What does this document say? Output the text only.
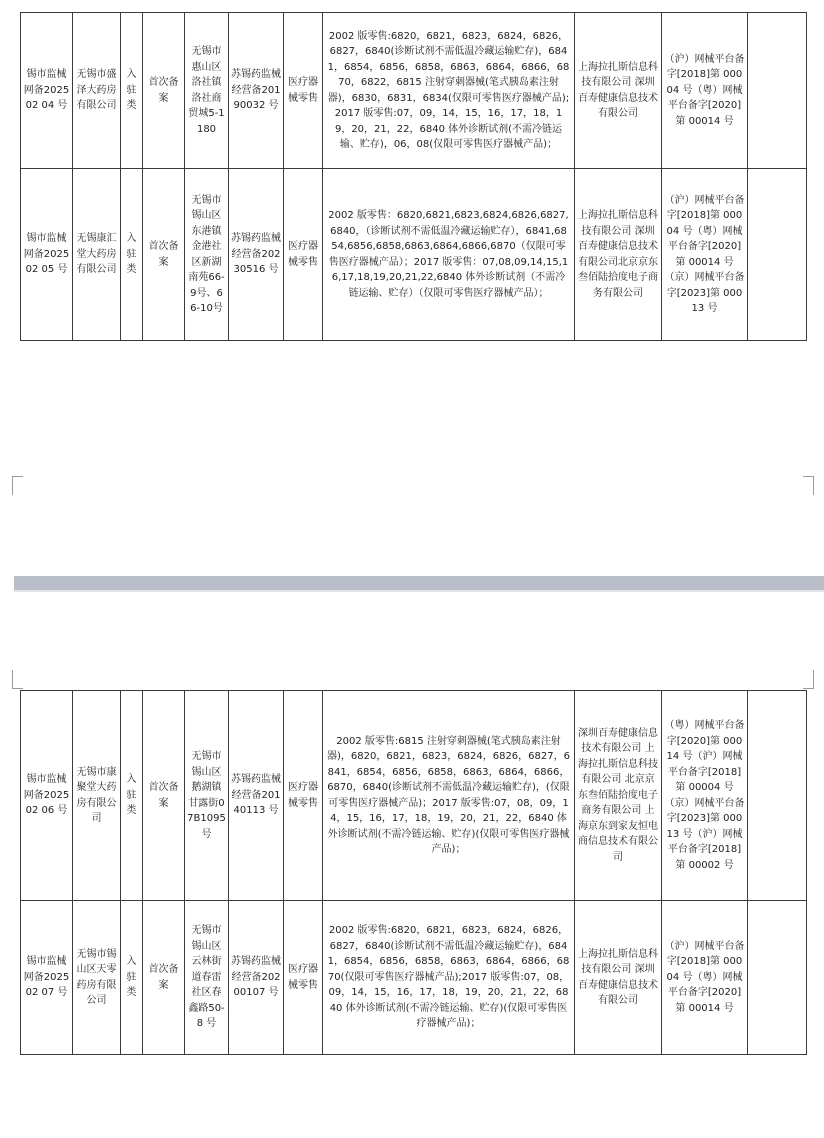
锡市监械网备202502 04 号	无锡市盛泽大药房有限公司	入驻类	首次备案	无锡市惠山区洛社镇洛社商贸城5-1180	苏锡药监械经营备20190032 号	医疗器械零售	2002 版零售:6820，6821，6823，6824，6826，6827，6840(诊断试剂不需低温冷藏运输贮存)，6841，6854，6856，6858，6863，6864，6866，6870，6822，6815 注射穿刺器械(笔式胰岛素注射器)，6830，6831，6834(仅限可零售医疗器械产品);2017 版零售:07，09，14，15，16，17，18，19，20，21，22，6840 体外诊断试剂(不需冷链运输、贮存)，06，08(仅限可零售医疗器械产品)；	上海拉扎斯信息科技有限公司 深圳百寿健康信息技术有限公司	（沪）网械平台备字[2018]第 00004 号（粤）网械平台备字[2020]第 00014 号	
锡市监械网备202502 05 号	无锡康汇堂大药房有限公司	入驻类	首次备案	无锡市锡山区东港镇金港社区新湖南苑66-9号、66-10号	苏锡药监械经营备20230516 号	医疗器械零售	2002 版零售：6820,6821,6823,6824,6826,6827,6840，（诊断试剂不需低温冷藏运输贮存），6841,6854,6856,6858,6863,6864,6866,6870（仅限可零售医疗器械产品）；2017 版零售：07,08,09,14,15,16,17,18,19,20,21,22,6840 体外诊断试剂（不需冷链运输、贮存）（仅限可零售医疗器械产品）；	上海拉扎斯信息科技有限公司 深圳百寿健康信息技术有限公司北京京东叁佰陆拾度电子商务有限公司	（沪）网械平台备字[2018]第 00004 号（粤）网械平台备字[2020]第 00014 号（京）网械平台备字[2023]第 00013 号	
锡市监械网备202502 06 号	无锡市康聚堂大药房有限公司	入驻类	首次备案	无锡市锡山区鹅湖镇甘露街07B1095 号	苏锡药监械经营备20140113 号	医疗器械零售	2002 版零售:6815 注射穿刺器械(笔式胰岛素注射器)，6820，6821，6823，6824，6826，6827，6841，6854，6856，6858，6863，6864，6866，6870，6840(诊断试剂不需低温冷藏运输贮存)，(仅限可零售医疗器械产品)；2017 版零售:07，08，09，14，15，16，17，18，19，20，21，22，6840 体外诊断试剂(不需冷链运输、贮存)(仅限可零售医疗器械产品)；	深圳百寿健康信息技术有限公司 上海拉扎斯信息科技有限公司 北京京东叁佰陆拾度电子商务有限公司 上海京东到家友恒电商信息技术有限公司	（粤）网械平台备字[2020]第 00014 号（沪）网械平台备字[2018]第 00004 号（京）网械平台备字[2023]第 00013 号（沪）网械平台备字[2018]第 00002 号	
锡市监械网备202502 07 号	无锡市锡山区天零药房有限公司	入驻类	首次备案	无锡市锡山区云林街道春雷社区春鑫路50-8 号	苏锡药监械经营备20200107 号	医疗器械零售	2002 版零售:6820，6821，6823，6824，6826，6827，6840(诊断试剂不需低温冷藏运输贮存)，6841，6854，6856，6858，6863，6864，6866，6870(仅限可零售医疗器械产品);2017 版零售:07，08，09，14，15，16，17，18，19，20，21，22，6840 体外诊断试剂(不需冷链运输、贮存)(仅限可零售医疗器械产品)；	上海拉扎斯信息科技有限公司 深圳百寿健康信息技术有限公司	（沪）网械平台备字[2018]第 00004 号（粤）网械平台备字[2020]第 00014 号	
